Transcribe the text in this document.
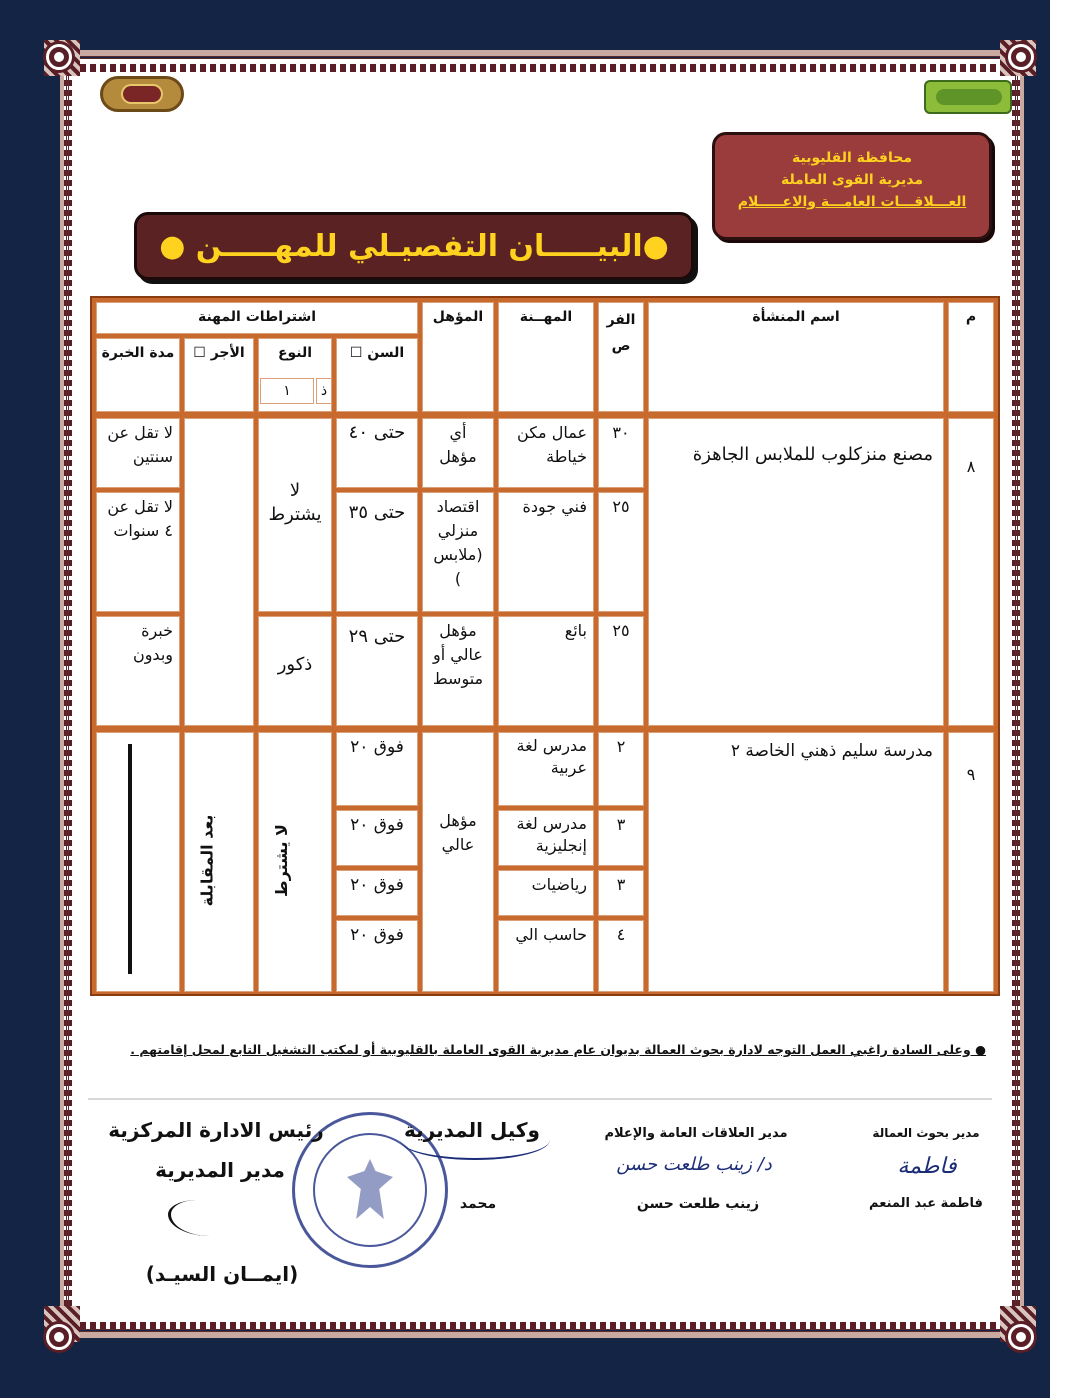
محافظة القليوبية
مديرية القوى العاملة
العـــلاقـــات العامـــة والاعـــــلام
●البيـــــان التفصيـلي للمهـــــن ●
م
اسم المنشأة
الفر ص
المهــنة
المؤهل
اشتراطات المهنة
السن ☐
النوع
١	ذ
الأجر ☐
مدة الخبرة
٨
مصنع منزكلوب للملابس الجاهزة
٣٠
عمال مكن خياطة
أي مؤهل
حتى ٤٠
لا تقل عن سنتين
٢٥
فني جودة
اقتصاد منزلي (ملابس )
حتى ٣٥
لا تقل عن ٤ سنوات
٢٥
بائع
مؤهل عالي أو متوسط
حتى ٢٩
خبرة وبدون
لا يشترط
ذكور
٩
مدرسة سليم ذهني الخاصة ٢
٢
مدرس لغة عربية
فوق ٢٠
٣
مدرس لغة إنجليزية
فوق ٢٠
٣
رياضيات
فوق ٢٠
٤
حاسب الي
فوق ٢٠
مؤهل عالي
لا يشترط
بعد المقابلة
● وعلى السادة راغبي العمل التوجه لادارة بحوث العمالة بديوان عام مديرية القوى العاملة بالقليوبية أو لمكتب التشغيل التابع لمحل إقامتهم .
مدير بحوث العمالة
فاطمة
فاطمة عبد المنعم
مدير العلاقات العامة والإعلام
د/ زينب طلعت حسن
زينب طلعت حسن
وكيل المديرية
محمد
رئيس الادارة المركزية
مدير المديرية
(ايمــان السيـد)
